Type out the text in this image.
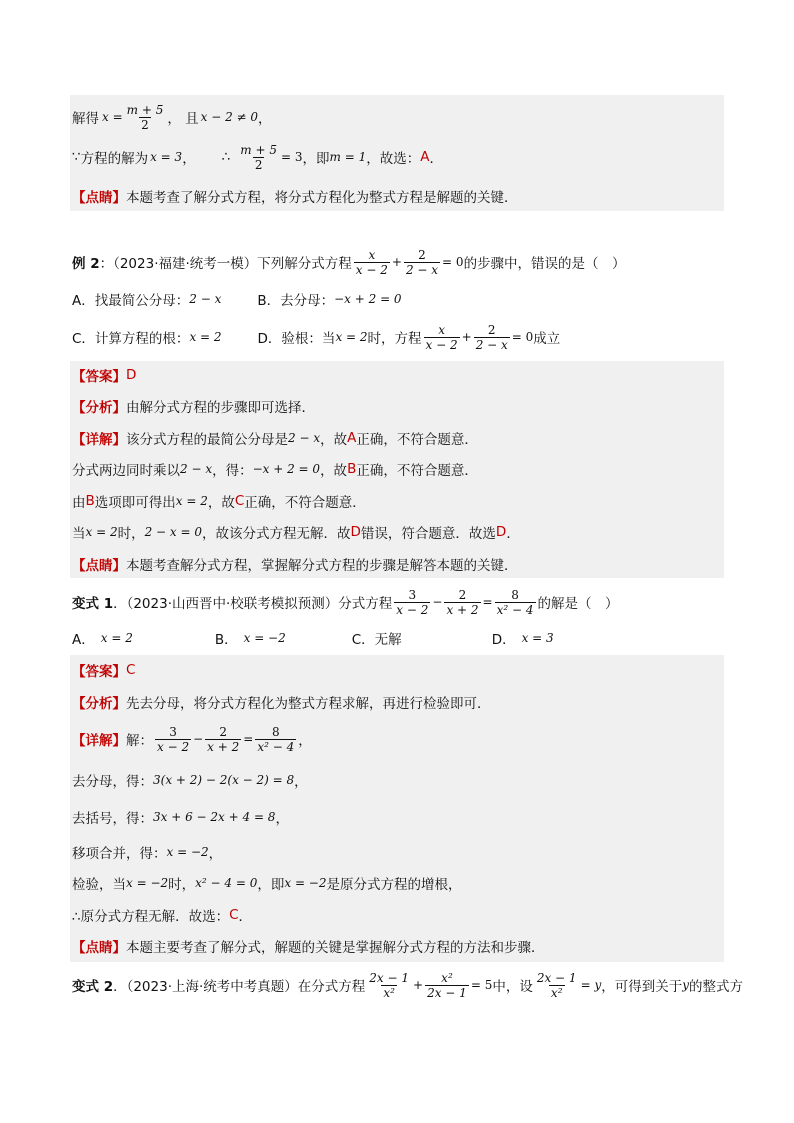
解得 $x = \frac{m + 5}{2}$ ， 且 x − 2 ≠ 0 ，
∵ 方程的解为 x = 3 ， ∴ $\frac{m + 5}{2} = 3$ ，即 m = 1 ，故选： A ．
【点睛】 本题考查了解分式方程，将分式方程化为整式方程是解题的关键．
例 2 ：（2023·福建·统考一模）下列解分式方程 $\frac{x}{x - 2} + \frac{2}{2 - x} = 0$ 的步骤中，错误的是（　）
A．找最简公分母： 2 − x	B．去分母： −x + 2 = 0
C．计算方程的根： x = 2	D．验根：当 x = 2 时，方程 $\frac{x}{x - 2} + \frac{2}{2 - x} = 0$ 成立
【答案】 D
【分析】 由解分式方程的步骤即可选择．
【详解】 该分式方程的最简公分母是 2 − x ，故 A 正确，不符合题意．
分式两边同时乘以 2 − x ，得： −x + 2 = 0 ，故 B 正确，不符合题意．
由 B 选项即可得出 x = 2 ，故 C 正确，不符合题意．
当 x = 2 时， 2 − x = 0 ，故该分式方程无解．故 D 错误，符合题意．故选 D ．
【点睛】 本题考查解分式方程，掌握解分式方程的步骤是解答本题的关键．
变式 1 ．（2023·山西晋中·校联考模拟预测）分式方程 $\frac{3}{x - 2} - \frac{2}{x + 2} = \frac{8}{\text{x² − 4}}$ 的解是（　）
A． x = 2	B． x = −2	C．无解	D． x = 3
【答案】 C
【分析】 先去分母，将分式方程化为整式方程求解，再进行检验即可．
【详解】 解： $\frac{3}{x - 2} - \frac{2}{x + 2} = \frac{8}{\text{x² − 4}}$ ，
去分母，得： 3(x + 2) − 2(x − 2) = 8 ，
去括号，得： 3x + 6 − 2x + 4 = 8 ，
移项合并，得： x = −2 ，
检验，当 x = −2 时， x² − 4 = 0 ，即 x = −2 是原分式方程的增根，
∴原分式方程无解．故选： C ．
【点睛】 本题主要考查了解分式，解题的关键是掌握解分式方程的方法和步骤．
变式 2 ．（2023·上海·统考中考真题）在分式方程 $\frac{2x - 1}{\text{x²}} + \frac{\text{x²}}{2x - 1} = 5$ 中，设 $\frac{2x - 1}{\text{x²}} = y$ ，可得到关于 y 的整式方
